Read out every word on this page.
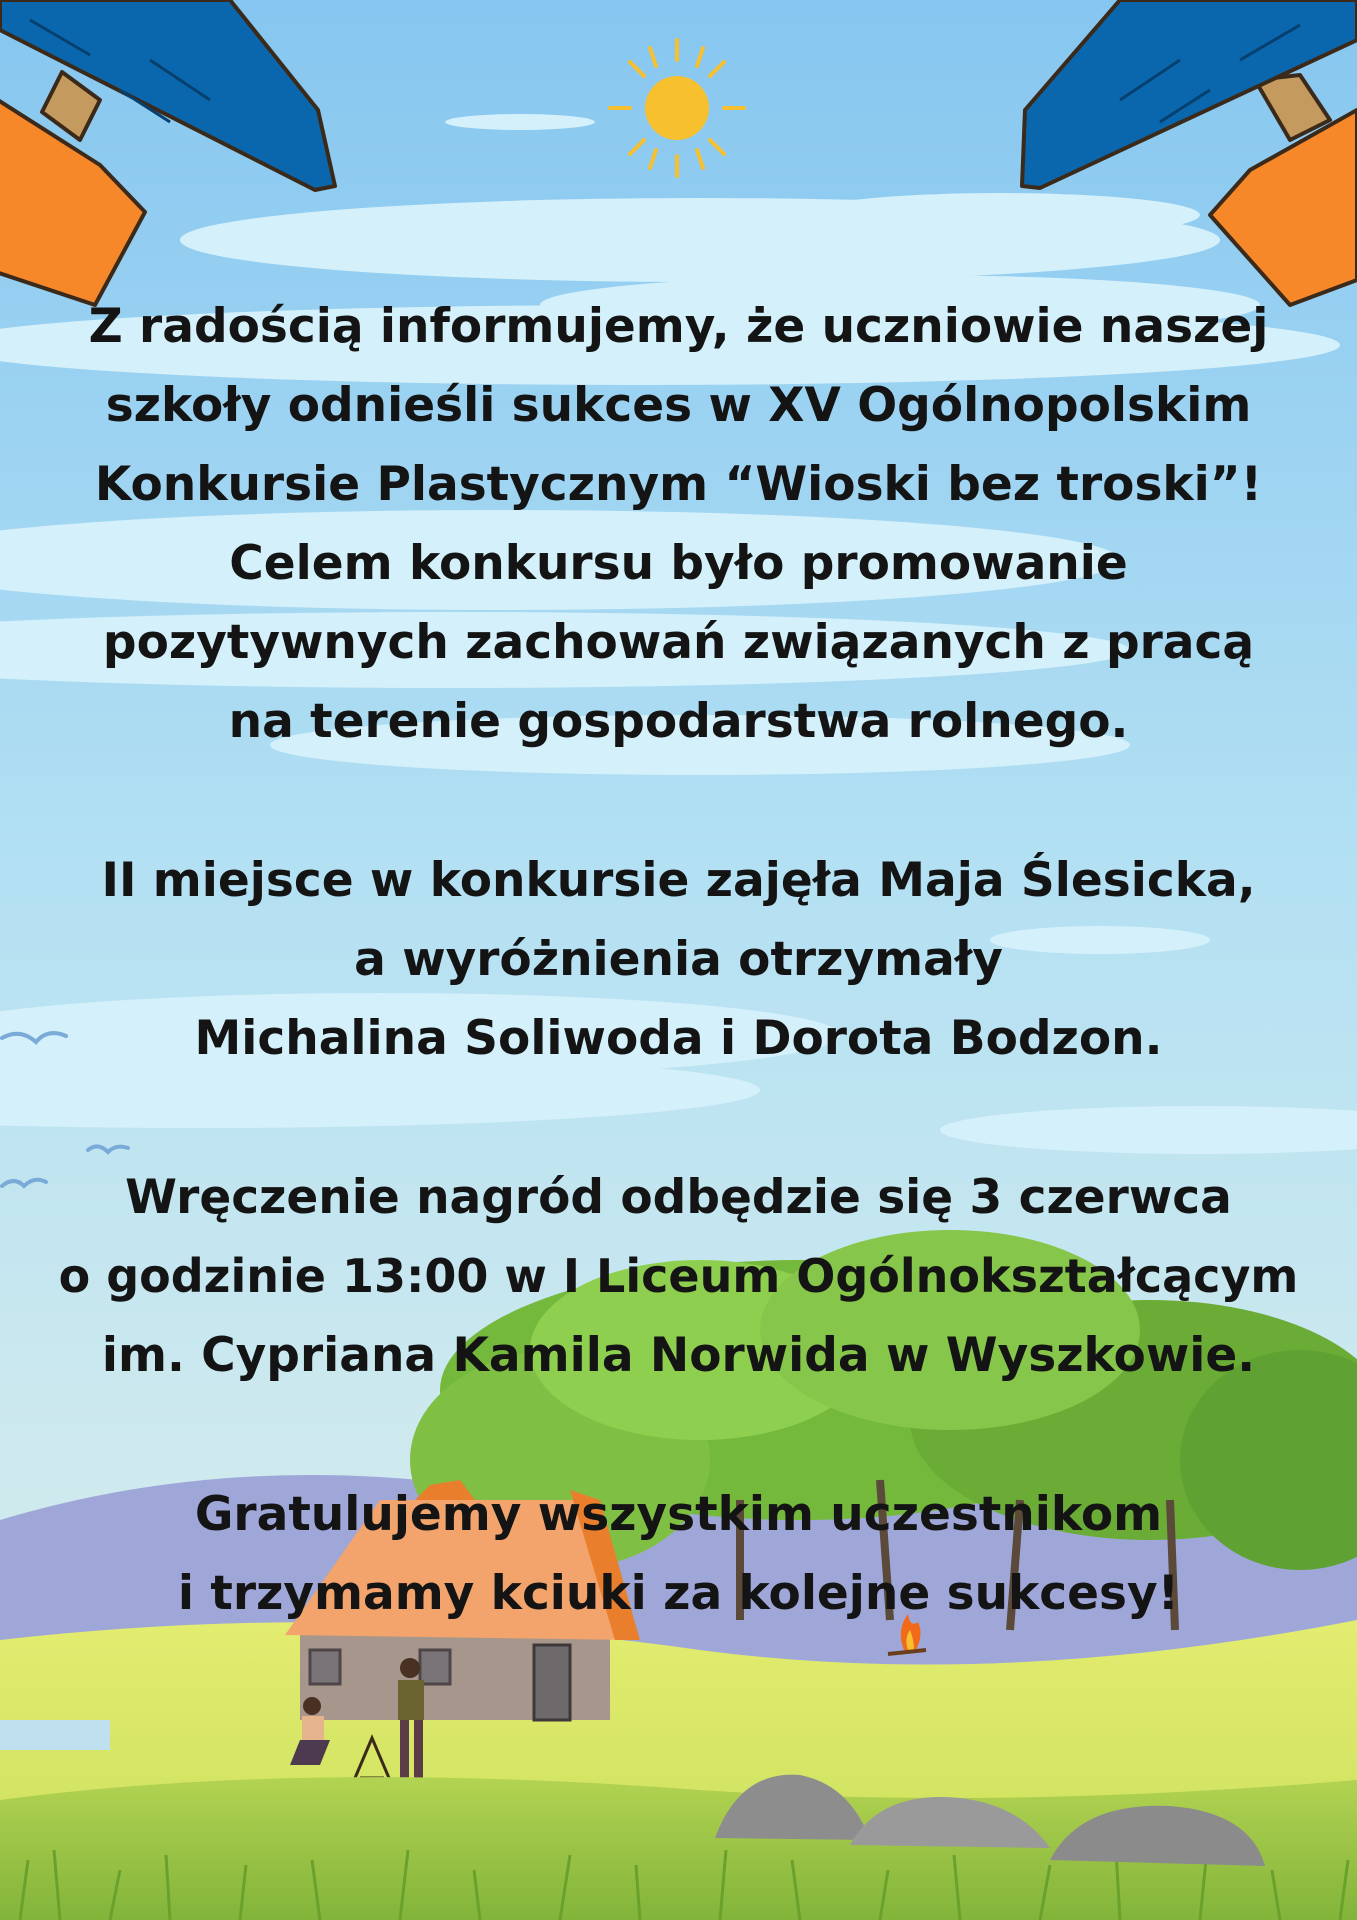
Z radością informujemy, że uczniowie naszej
szkoły odnieśli sukces w XV Ogólnopolskim
Konkursie Plastycznym “Wioski bez troski”!
Celem konkursu było promowanie
pozytywnych zachowań związanych z pracą
na terenie gospodarstwa rolnego.
II miejsce w konkursie zajęła Maja Ślesicka,
a wyróżnienia otrzymały
Michalina Soliwoda i Dorota Bodzon.
Wręczenie nagród odbędzie się 3 czerwca
o godzinie 13:00 w I Liceum Ogólnokształcącym
im. Cypriana Kamila Norwida w Wyszkowie.
Gratulujemy wszystkim uczestnikom
i trzymamy kciuki za kolejne sukcesy!
